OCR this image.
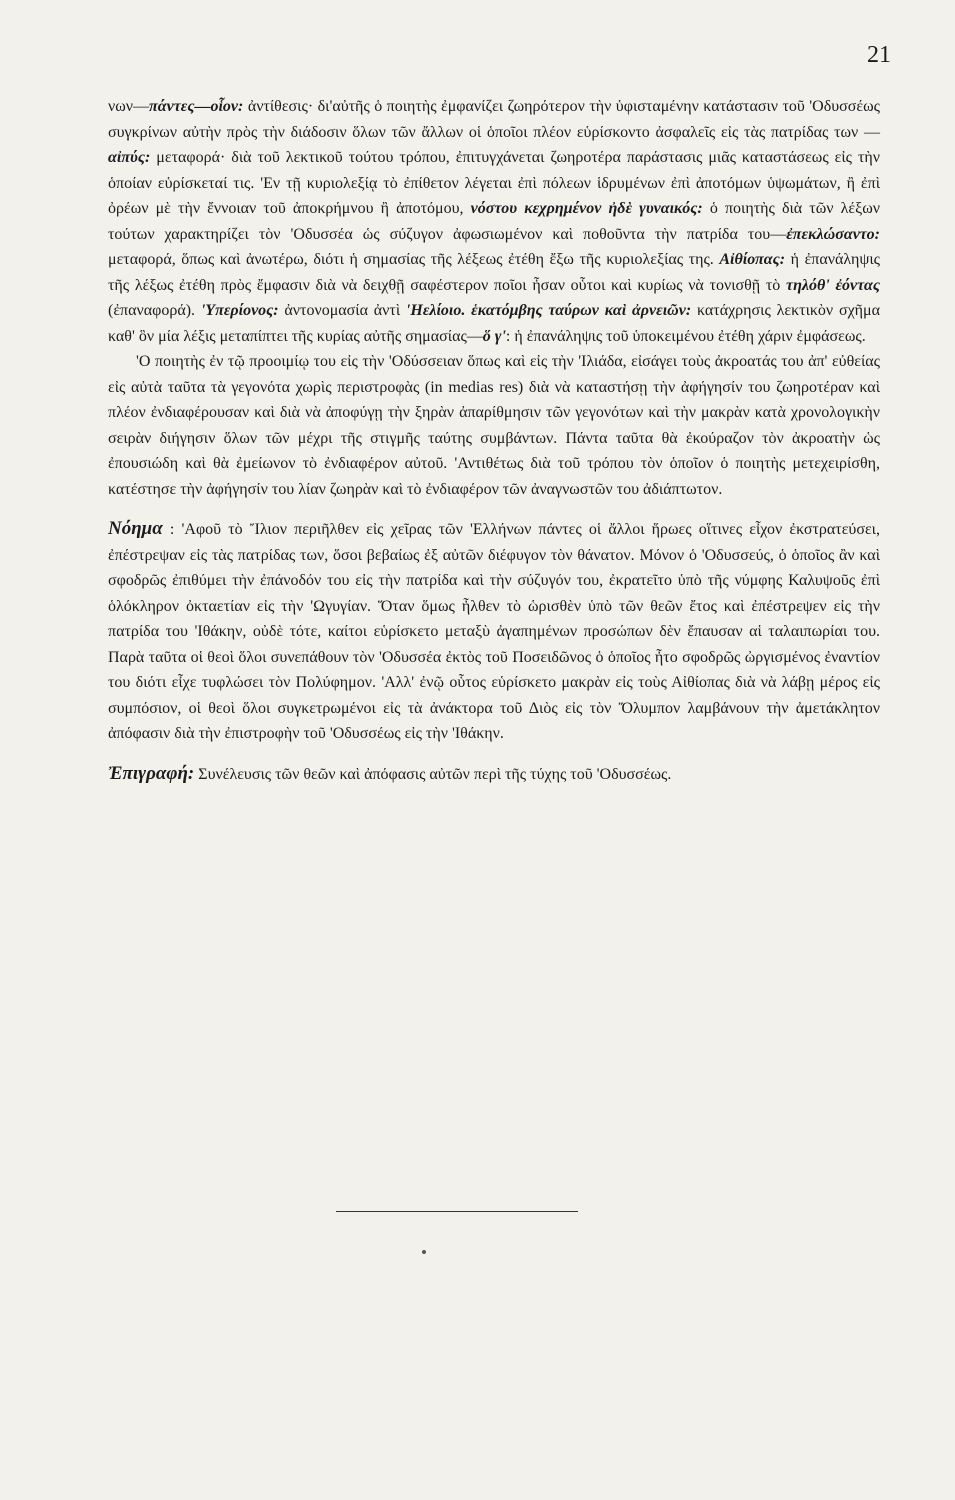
21

νων—πάντες—οἷον: ἀντίθεσις· δι'αὐτῆς ὁ ποιητὴς ἐμφανίζει ζωηρότερον τὴν ὑφισταμένην κατάστασιν τοῦ 'Οδυσσέως συγκρίνων αὐτὴν πρὸς τὴν διάδοσιν ὅλων τῶν ἄλλων οἱ ὁποῖοι πλέον εὑρίσκοντο ἀσφαλεῖς εἰς τὰς πατρίδας των —αἰπύς: μεταφορά· διὰ τοῦ λεκτικοῦ τούτου τρόπου, ἐπιτυγχάνεται ζωηροτέρα παράστασις μιᾶς καταστάσεως εἰς τὴν ὁποίαν εὑρίσκεταί τις. 'Εν τῇ κυριολεξίᾳ τὸ ἐπίθετον λέγεται ἐπὶ πόλεων ἱδρυμένων ἐπὶ ἀποτόμων ὑψωμάτων, ἢ ἐπὶ ὀρέων μὲ τὴν ἔννοιαν τοῦ ἀποκρήμνου ἢ ἀποτόμου, νόστου κεχρημένον ἠδὲ γυναικός: ὁ ποιητὴς διὰ τῶν λέξων τούτων χαρακτηρίζει τὸν 'Οδυσσέα ὡς σύζυγον ἀφωσιωμένον καὶ ποθοῦντα τὴν πατρίδα του—ἐπεκλώσαντο: μεταφορά, ὅπως καὶ ἀνωτέρω, διότι ἡ σημασίας τῆς λέξεως ἐτέθη ἔξω τῆς κυριολεξίας της. Αἰθίοπας: ἡ ἐπανάληψις τῆς λέξως ἐτέθη πρὸς ἔμφασιν διὰ νὰ δειχθῇ σαφέστερον ποῖοι ἦσαν οὗτοι καὶ κυρίως νὰ τονισθῇ τὸ τηλόθ' ἐόντας (ἐπαναφορά). 'Υπερίονος: ἀντονομασία ἀντὶ 'Ηελίοιο. ἑκατόμβης ταύρων καὶ ἀρνειῶν: κατάχρησις λεκτικὸν σχῆμα καθ' ὃν μία λέξις μεταπίπτει τῆς κυρίας αὐτῆς σημασίας—ὅ γ': ἡ ἐπανάληψις τοῦ ὑποκειμένου ἐτέθη χάριν ἐμφάσεως.

'Ο ποιητὴς ἐν τῷ προοιμίῳ του εἰς τὴν 'Οδύσσειαν ὅπως καὶ εἰς τὴν 'Ιλιάδα, εἰσάγει τοὺς ἀκροατάς του ἀπ' εὐθείας εἰς αὐτὰ ταῦτα τὰ γεγονότα χωρὶς περιστροφὰς (in medias res) διὰ νὰ καταστήσῃ τὴν ἀφήγησίν του ζωηροτέραν καὶ πλέον ἐνδιαφέρουσαν καὶ διὰ νὰ ἀποφύγῃ τὴν ξηρὰν ἀπαρίθμησιν τῶν γεγονότων καὶ τὴν μακρὰν κατὰ χρονολογικὴν σειρὰν διήγησιν ὅλων τῶν μέχρι τῆς στιγμῆς ταύτης συμβάντων. Πάντα ταῦτα θὰ ἐκούραζον τὸν ἀκροατὴν ὡς ἐπουσιώδη καὶ θὰ ἐμείωνον τὸ ἐνδιαφέρον αὐτοῦ. 'Αντιθέτως διὰ τοῦ τρόπου τὸν ὁποῖον ὁ ποιητὴς μετεχειρίσθη, κατέστησε τὴν ἀφήγησίν του λίαν ζωηρὰν καὶ τὸ ἐνδιαφέρον τῶν ἀναγνωστῶν του ἀδιάπτωτον.

Νόημα : 'Αφοῦ τὸ Ἴλιον περιῆλθεν εἰς χεῖρας τῶν 'Ελλήνων πάντες οἱ ἄλλοι ἥρωες οἵτινες εἶχον ἐκστρατεύσει, ἐπέστρεψαν εἰς τὰς πατρίδας των, ὅσοι βεβαίως ἐξ αὐτῶν διέφυγον τὸν θάνατον. Μόνον ὁ 'Οδυσσεύς, ὁ ὁποῖος ἂν καὶ σφοδρῶς ἐπιθύμει τὴν ἐπάνοδόν του εἰς τὴν πατρίδα καὶ τὴν σύζυγόν του, ἐκρατεῖτο ὑπὸ τῆς νύμφης Καλυψοῦς ἐπὶ ὁλόκληρον ὀκταετίαν εἰς τὴν 'Ωγυγίαν. Ὅταν ὅμως ἦλθεν τὸ ὡρισθὲν ὑπὸ τῶν θεῶν ἔτος καὶ ἐπέστρεψεν εἰς τὴν πατρίδα του 'Ιθάκην, οὐδὲ τότε, καίτοι εὑρίσκετο μεταξὺ ἀγαπημένων προσώπων δὲν ἔπαυσαν αἱ ταλαιπωρίαι του. Παρὰ ταῦτα οἱ θεοὶ ὅλοι συνεπάθουν τὸν 'Οδυσσέα ἐκτὸς τοῦ Ποσειδῶνος ὁ ὁποῖος ἦτο σφοδρῶς ὠργισμένος ἐναντίον του διότι εἶχε τυφλώσει τὸν Πολύφημον. 'Αλλ' ἐνῷ οὗτος εὑρίσκετο μακρὰν εἰς τοὺς Αἰθίοπας διὰ νὰ λάβῃ μέρος εἰς συμπόσιον, οἱ θεοὶ ὅλοι συγκετρωμένοι εἰς τὰ ἀνάκτορα τοῦ Διὸς εἰς τὸν Ὄλυμπον λαμβάνουν τὴν ἀμετάκλητον ἀπόφασιν διὰ τὴν ἐπιστροφὴν τοῦ 'Οδυσσέως εἰς τὴν 'Ιθάκην.

Ἐπιγραφή: Συνέλευσις τῶν θεῶν καὶ ἀπόφασις αὐτῶν περὶ τῆς τύχης τοῦ 'Οδυσσέως.
